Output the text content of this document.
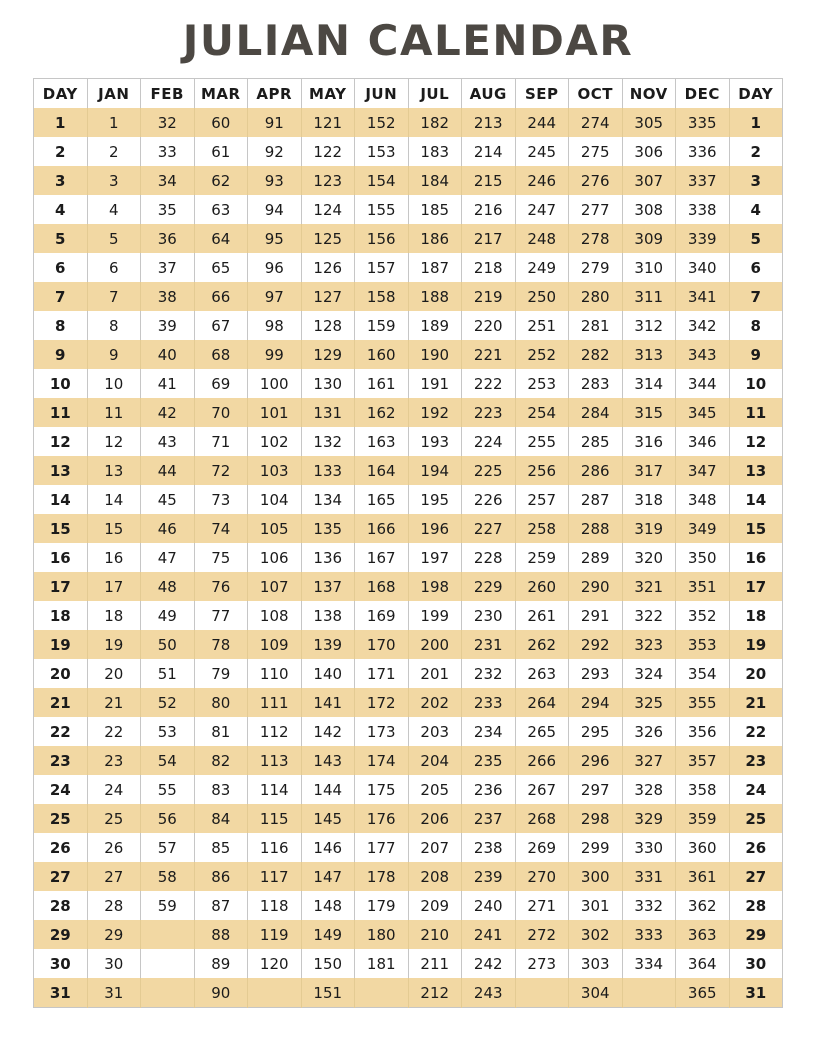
JULIAN CALENDAR
DAY	JAN	FEB	MAR	APR	MAY	JUN	JUL	AUG	SEP	OCT	NOV	DEC	DAY
1	1	32	60	91	121	152	182	213	244	274	305	335	1
2	2	33	61	92	122	153	183	214	245	275	306	336	2
3	3	34	62	93	123	154	184	215	246	276	307	337	3
4	4	35	63	94	124	155	185	216	247	277	308	338	4
5	5	36	64	95	125	156	186	217	248	278	309	339	5
6	6	37	65	96	126	157	187	218	249	279	310	340	6
7	7	38	66	97	127	158	188	219	250	280	311	341	7
8	8	39	67	98	128	159	189	220	251	281	312	342	8
9	9	40	68	99	129	160	190	221	252	282	313	343	9
10	10	41	69	100	130	161	191	222	253	283	314	344	10
11	11	42	70	101	131	162	192	223	254	284	315	345	11
12	12	43	71	102	132	163	193	224	255	285	316	346	12
13	13	44	72	103	133	164	194	225	256	286	317	347	13
14	14	45	73	104	134	165	195	226	257	287	318	348	14
15	15	46	74	105	135	166	196	227	258	288	319	349	15
16	16	47	75	106	136	167	197	228	259	289	320	350	16
17	17	48	76	107	137	168	198	229	260	290	321	351	17
18	18	49	77	108	138	169	199	230	261	291	322	352	18
19	19	50	78	109	139	170	200	231	262	292	323	353	19
20	20	51	79	110	140	171	201	232	263	293	324	354	20
21	21	52	80	111	141	172	202	233	264	294	325	355	21
22	22	53	81	112	142	173	203	234	265	295	326	356	22
23	23	54	82	113	143	174	204	235	266	296	327	357	23
24	24	55	83	114	144	175	205	236	267	297	328	358	24
25	25	56	84	115	145	176	206	237	268	298	329	359	25
26	26	57	85	116	146	177	207	238	269	299	330	360	26
27	27	58	86	117	147	178	208	239	270	300	331	361	27
28	28	59	87	118	148	179	209	240	271	301	332	362	28
29	29		88	119	149	180	210	241	272	302	333	363	29
30	30		89	120	150	181	211	242	273	303	334	364	30
31	31		90		151		212	243		304		365	31
